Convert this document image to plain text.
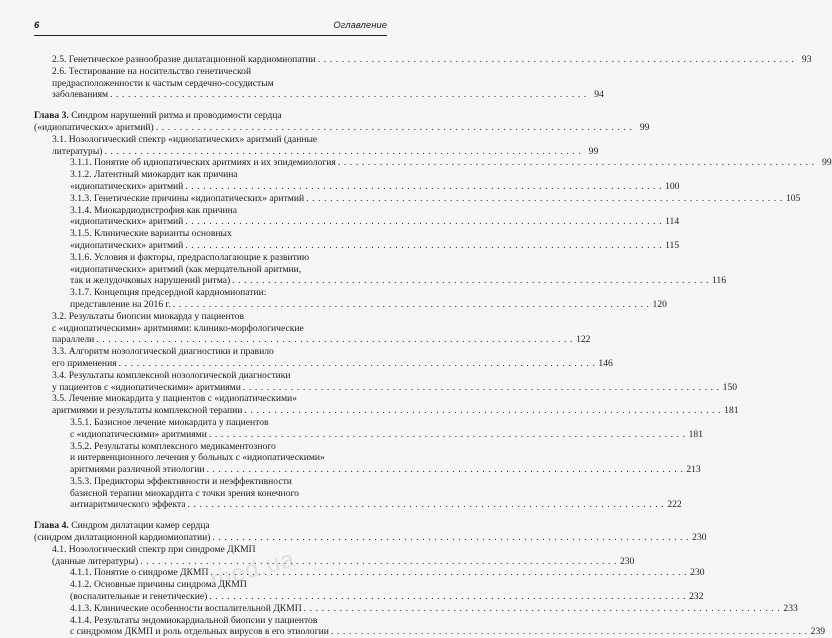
6	Оглавление
2.5. Генетическое разнообразие дилатационной кардиомиопатии . . . . . . . . . . . . . . . . . . . . . . . . . . . . . . . . . . . . . . . . . . . . . . . . . . . . . . . . . . . . . . . . . . . . . . . . . . . . . . . . 93
2.6. Тестирование на носительство генетической
предрасположенности к частым сердечно-сосудистым
заболеваниям . . . . . . . . . . . . . . . . . . . . . . . . . . . . . . . . . . . . . . . . . . . . . . . . . . . . . . . . . . . . . . . . . . . . . . . . . . . . . . . . 94
Глава 3. Синдром нарушений ритма и проводимости сердца
(«идиопатических» аритмий) . . . . . . . . . . . . . . . . . . . . . . . . . . . . . . . . . . . . . . . . . . . . . . . . . . . . . . . . . . . . . . . . . . . . . . . . . . . . . . . . 99
3.1. Нозологический спектр «идиопатических» аритмий (данные
литературы) . . . . . . . . . . . . . . . . . . . . . . . . . . . . . . . . . . . . . . . . . . . . . . . . . . . . . . . . . . . . . . . . . . . . . . . . . . . . . . . . 99
3.1.1. Понятие об идиопатических аритмиях и их эпидемиология . . . . . . . . . . . . . . . . . . . . . . . . . . . . . . . . . . . . . . . . . . . . . . . . . . . . . . . . . . . . . . . . . . . . . . . . . . . . . . . . 99
3.1.2. Латентный миокардит как причина
«идиопатических» аритмий . . . . . . . . . . . . . . . . . . . . . . . . . . . . . . . . . . . . . . . . . . . . . . . . . . . . . . . . . . . . . . . . . . . . . . . . . . . . . . . . 100
3.1.3. Генетические причины «идиопатических» аритмий . . . . . . . . . . . . . . . . . . . . . . . . . . . . . . . . . . . . . . . . . . . . . . . . . . . . . . . . . . . . . . . . . . . . . . . . . . . . . . . . 105
3.1.4. Миокардиодистрофия как причина
«идиопатических» аритмий . . . . . . . . . . . . . . . . . . . . . . . . . . . . . . . . . . . . . . . . . . . . . . . . . . . . . . . . . . . . . . . . . . . . . . . . . . . . . . . . 114
3.1.5. Клинические варианты основных
«идиопатических» аритмий . . . . . . . . . . . . . . . . . . . . . . . . . . . . . . . . . . . . . . . . . . . . . . . . . . . . . . . . . . . . . . . . . . . . . . . . . . . . . . . . 115
3.1.6. Условия и факторы, предрасполагающие к развитию
«идиопатических» аритмий (как мерцательной аритмии,
так и желудочковых нарушений ритма) . . . . . . . . . . . . . . . . . . . . . . . . . . . . . . . . . . . . . . . . . . . . . . . . . . . . . . . . . . . . . . . . . . . . . . . . . . . . . . . . 116
3.1.7. Концепция предсердной кардиомиопатии:
представление на 2016 г. . . . . . . . . . . . . . . . . . . . . . . . . . . . . . . . . . . . . . . . . . . . . . . . . . . . . . . . . . . . . . . . . . . . . . . . . . . . . . . . . 120
3.2. Результаты биопсии миокарда у пациентов
с «идиопатическими» аритмиями: клинико-морфологические
параллели . . . . . . . . . . . . . . . . . . . . . . . . . . . . . . . . . . . . . . . . . . . . . . . . . . . . . . . . . . . . . . . . . . . . . . . . . . . . . . . . 122
3.3. Алгоритм нозологической диагностики и правило
его применения . . . . . . . . . . . . . . . . . . . . . . . . . . . . . . . . . . . . . . . . . . . . . . . . . . . . . . . . . . . . . . . . . . . . . . . . . . . . . . . . 146
3.4. Результаты комплексной нозологической диагностики
у пациентов с «идиопатическими» аритмиями . . . . . . . . . . . . . . . . . . . . . . . . . . . . . . . . . . . . . . . . . . . . . . . . . . . . . . . . . . . . . . . . . . . . . . . . . . . . . . . . 150
3.5. Лечение миокардита у пациентов с «идиопатическими»
аритмиями и результаты комплексной терапии . . . . . . . . . . . . . . . . . . . . . . . . . . . . . . . . . . . . . . . . . . . . . . . . . . . . . . . . . . . . . . . . . . . . . . . . . . . . . . . . 181
3.5.1. Базисное лечение миокардита у пациентов
с «идиопатическими» аритмиями . . . . . . . . . . . . . . . . . . . . . . . . . . . . . . . . . . . . . . . . . . . . . . . . . . . . . . . . . . . . . . . . . . . . . . . . . . . . . . . . 181
3.5.2. Результаты комплексного медикаментозного
и интервенционного лечения у больных с «идиопатическими»
аритмиями различной этиологии . . . . . . . . . . . . . . . . . . . . . . . . . . . . . . . . . . . . . . . . . . . . . . . . . . . . . . . . . . . . . . . . . . . . . . . . . . . . . . . . 213
3.5.3. Предикторы эффективности и неэффективности
базисной терапии миокардита с точки зрения конечного
антиаритмического эффекта . . . . . . . . . . . . . . . . . . . . . . . . . . . . . . . . . . . . . . . . . . . . . . . . . . . . . . . . . . . . . . . . . . . . . . . . . . . . . . . . 222
Глава 4. Синдром дилатации камер сердца
(синдром дилатационной кардиомиопатии) . . . . . . . . . . . . . . . . . . . . . . . . . . . . . . . . . . . . . . . . . . . . . . . . . . . . . . . . . . . . . . . . . . . . . . . . . . . . . . . . 230
4.1. Нозологический спектр при синдроме ДКМП
(данные литературы) . . . . . . . . . . . . . . . . . . . . . . . . . . . . . . . . . . . . . . . . . . . . . . . . . . . . . . . . . . . . . . . . . . . . . . . . . . . . . . . . 230
4.1.1. Понятие о синдроме ДКМП . . . . . . . . . . . . . . . . . . . . . . . . . . . . . . . . . . . . . . . . . . . . . . . . . . . . . . . . . . . . . . . . . . . . . . . . . . . . . . . . 230
4.1.2. Основные причины синдрома ДКМП
(воспалительные и генетические) . . . . . . . . . . . . . . . . . . . . . . . . . . . . . . . . . . . . . . . . . . . . . . . . . . . . . . . . . . . . . . . . . . . . . . . . . . . . . . . . 232
4.1.3. Клинические особенности воспалительной ДКМП . . . . . . . . . . . . . . . . . . . . . . . . . . . . . . . . . . . . . . . . . . . . . . . . . . . . . . . . . . . . . . . . . . . . . . . . . . . . . . . . 233
4.1.4. Результаты эндомиокардиальной биопсии у пациентов
с синдромом ДКМП и роль отдельных вирусов в его этиологии . . . . . . . . . . . . . . . . . . . . . . . . . . . . . . . . . . . . . . . . . . . . . . . . . . . . . . . . . . . . . . . . . . . . . . . . . . . . . . . . 239
med.ua
